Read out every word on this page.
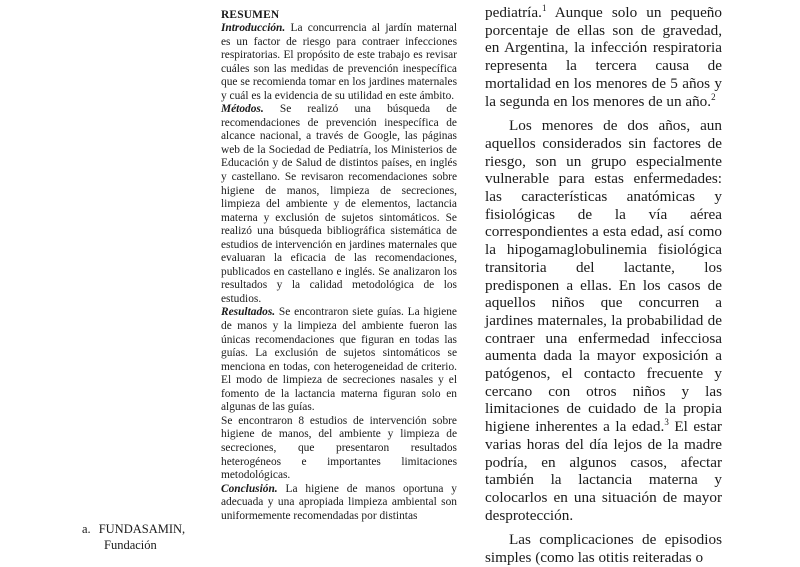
a. FUNDASAMIN,
Fundación

RESUMEN

Introducción. La concurrencia al jardín maternal es un factor de riesgo para contraer infecciones respiratorias. El propósito de este trabajo es revisar cuáles son las medidas de prevención inespecífica que se recomienda tomar en los jardines maternales y cuál es la evidencia de su utilidad en este ámbito.

Métodos. Se realizó una búsqueda de recomendaciones de prevención inespecífica de alcance nacional, a través de Google, las páginas web de la Sociedad de Pediatría, los Ministerios de Educación y de Salud de distintos países, en inglés y castellano. Se revisaron recomendaciones sobre higiene de manos, limpieza de secreciones, limpieza del ambiente y de elementos, lactancia materna y exclusión de sujetos sintomáticos. Se realizó una búsqueda bibliográfica sistemática de estudios de intervención en jardines maternales que evaluaran la eficacia de las recomendaciones, publicados en castellano e inglés. Se analizaron los resultados y la calidad metodológica de los estudios.

Resultados. Se encontraron siete guías. La higiene de manos y la limpieza del ambiente fueron las únicas recomendaciones que figuran en todas las guías. La exclusión de sujetos sintomáticos se menciona en todas, con heterogeneidad de criterio. El modo de limpieza de secreciones nasales y el fomento de la lactancia materna figuran solo en algunas de las guías.

Se encontraron 8 estudios de intervención sobre higiene de manos, del ambiente y limpieza de secreciones, que presentaron resultados heterogéneos e importantes limitaciones metodológicas.

Conclusión. La higiene de manos oportuna y adecuada y una apropiada limpieza ambiental son uniformemente recomendadas por distintas

pediatría.$^1$ Aunque solo un pequeño porcentaje de ellas son de gravedad, en Argentina, la infección respiratoria representa la tercera causa de mortalidad en los menores de 5 años y la segunda en los menores de un año.$^2$

Los menores de dos años, aun aquellos considerados sin factores de riesgo, son un grupo especialmente vulnerable para estas enfermedades: las características anatómicas y fisiológicas de la vía aérea correspondientes a esta edad, así como la hipogamaglobulinemia fisiológica transitoria del lactante, los predisponen a ellas. En los casos de aquellos niños que concurren a jardines maternales, la probabilidad de contraer una enfermedad infecciosa aumenta dada la mayor exposición a patógenos, el contacto frecuente y cercano con otros niños y las limitaciones de cuidado de la propia higiene inherentes a la edad.$^3$ El estar varias horas del día lejos de la madre podría, en algunos casos, afectar también la lactancia materna y colocarlos en una situación de mayor desprotección.

Las complicaciones de episodios simples (como las otitis reiteradas o
